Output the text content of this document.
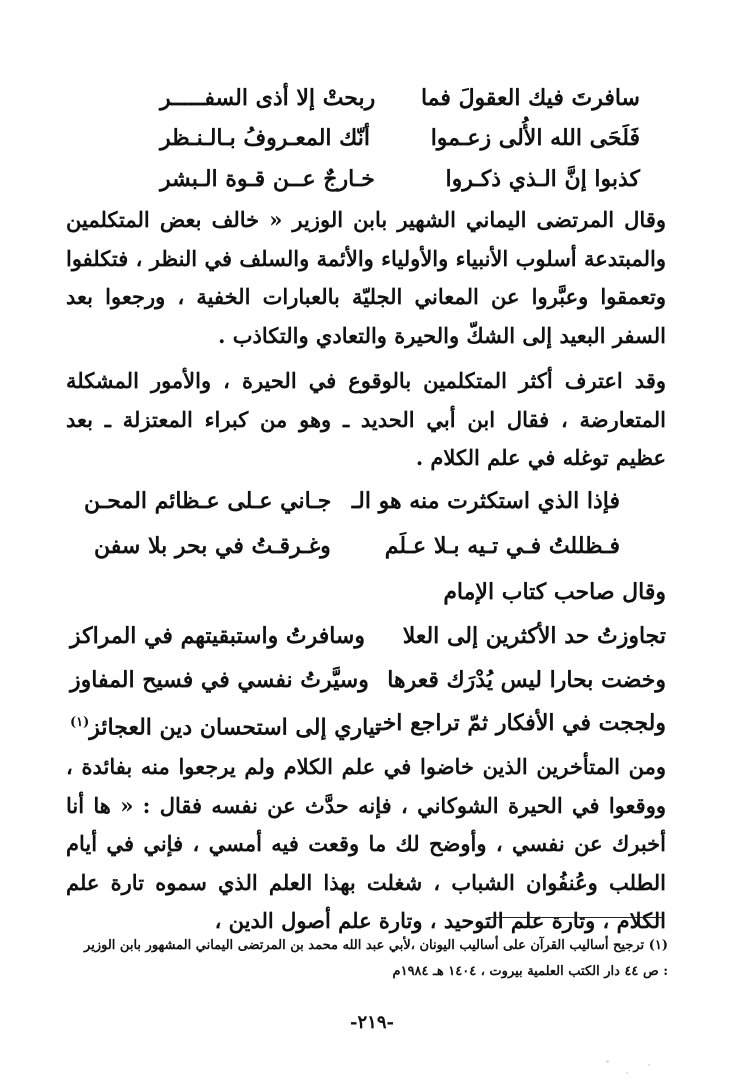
سافرتَ فيك العقولَ فما
ربحتْ إلا أذى السفـــــر
فَلَحَى الله الأُلى زعـموا
أنّك المعـروفُ بـالـنـظر
كذبوا إنَّ الـذي ذكـروا
خـارجٌ عــن قـوة الـبشر

وقال المرتضى اليماني الشهير بابن الوزير « خالف بعض المتكلمين والمبتدعة أسلوب الأنبياء والأولياء والأئمة والسلف في النظر ، فتكلفوا وتعمقوا وعبَّروا عن المعاني الجليّة بالعبارات الخفية ، ورجعوا بعد السفر البعيد إلى الشكّ والحيرة والتعادي والتكاذب .

وقد اعترف أكثر المتكلمين بالوقوع في الحيرة ، والأمور المشكلة المتعارضة ، فقال ابن أبي الحديد ـ وهو من كبراء المعتزلة ـ بعد عظيم توغله في علم الكلام .

فإذا الذي استكثرت منه هو الـ
جـاني عـلى عـظائم المحـن
فـظللتُ فـي تـيه بـلا عـلَم
وغـرقـتُ في بحر بلا سفن
وقال صاحب كتاب الإمام
تجاوزتُ حد الأكثرين إلى العلا
وسافرتُ واستبقيتهم في المراكز
وخضت بحارا ليس يُدْرَك قعرها
وسيَّرتُ نفسي في فسيح المفاوز
ولججت في الأفكار ثمّ تراجع اخـ
تياري إلى استحسان دين العجائز$^{(١)}$

ومن المتأخرين الذين خاضوا في علم الكلام ولم يرجعوا منه بفائدة ، ووقعوا في الحيرة الشوكاني ، فإنه حدَّث عن نفسه فقال : « ها أنا أخبرك عن نفسي ، وأوضح لك ما وقعت فيه أمسي ، فإني في أيام الطلب وعُنفُوان الشباب ، شغلت بهذا العلم الذي سموه تارة علم الكلام ، وتارة علم التوحيد ، وتارة علم أصول الدين ،

(١) ترجيح أساليب القرآن على أساليب اليونان ،لأبي عبد الله محمد بن المرتضى اليماني المشهور بابن الوزير : ص ٤٤ دار الكتب العلمية بيروت ، ١٤٠٤ هـ ١٩٨٤م

-٢١٩-
